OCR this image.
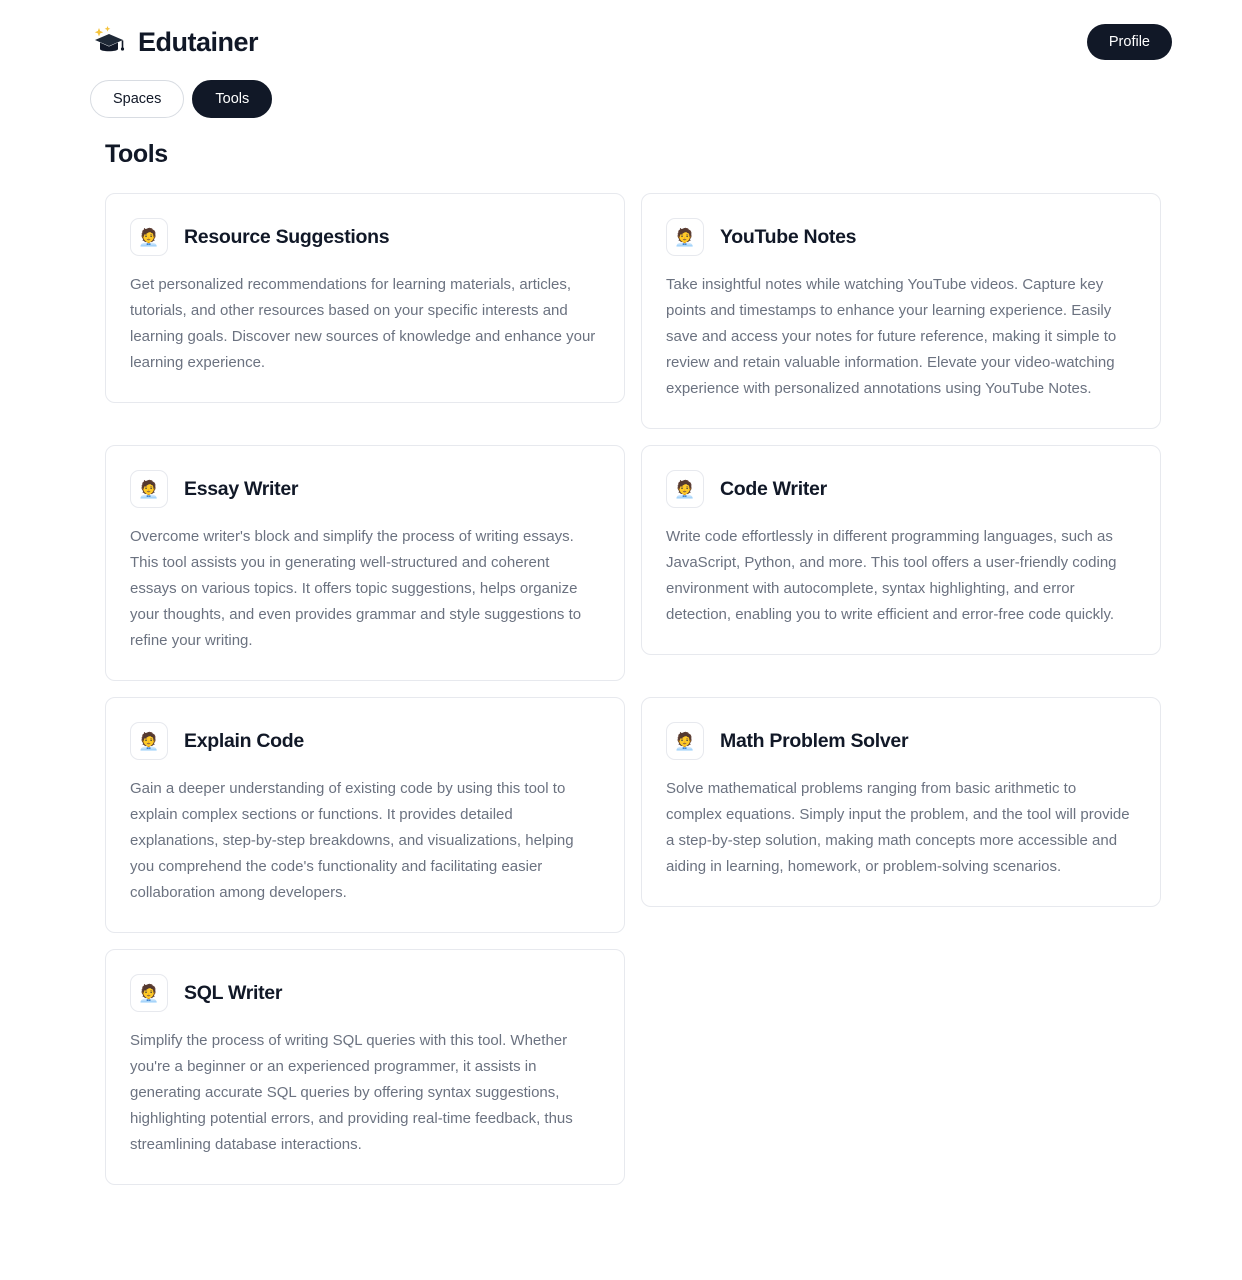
Edutainer	Profile
Spaces	Tools
Tools
🧑‍💼	Resource Suggestions
Get personalized recommendations for learning materials, articles, tutorials, and other resources based on your specific interests and learning goals. Discover new sources of knowledge and enhance your learning experience.
🧑‍💼	YouTube Notes
Take insightful notes while watching YouTube videos. Capture key points and timestamps to enhance your learning experience. Easily save and access your notes for future reference, making it simple to review and retain valuable information. Elevate your video-watching experience with personalized annotations using YouTube Notes.
🧑‍💼	Essay Writer
Overcome writer's block and simplify the process of writing essays. This tool assists you in generating well-structured and coherent essays on various topics. It offers topic suggestions, helps organize your thoughts, and even provides grammar and style suggestions to refine your writing.
🧑‍💼	Code Writer
Write code effortlessly in different programming languages, such as JavaScript, Python, and more. This tool offers a user-friendly coding environment with autocomplete, syntax highlighting, and error detection, enabling you to write efficient and error-free code quickly.
🧑‍💼	Explain Code
Gain a deeper understanding of existing code by using this tool to explain complex sections or functions. It provides detailed explanations, step-by-step breakdowns, and visualizations, helping you comprehend the code's functionality and facilitating easier collaboration among developers.
🧑‍💼	Math Problem Solver
Solve mathematical problems ranging from basic arithmetic to complex equations. Simply input the problem, and the tool will provide a step-by-step solution, making math concepts more accessible and aiding in learning, homework, or problem-solving scenarios.
🧑‍💼	SQL Writer
Simplify the process of writing SQL queries with this tool. Whether you're a beginner or an experienced programmer, it assists in generating accurate SQL queries by offering syntax suggestions, highlighting potential errors, and providing real-time feedback, thus streamlining database interactions.
